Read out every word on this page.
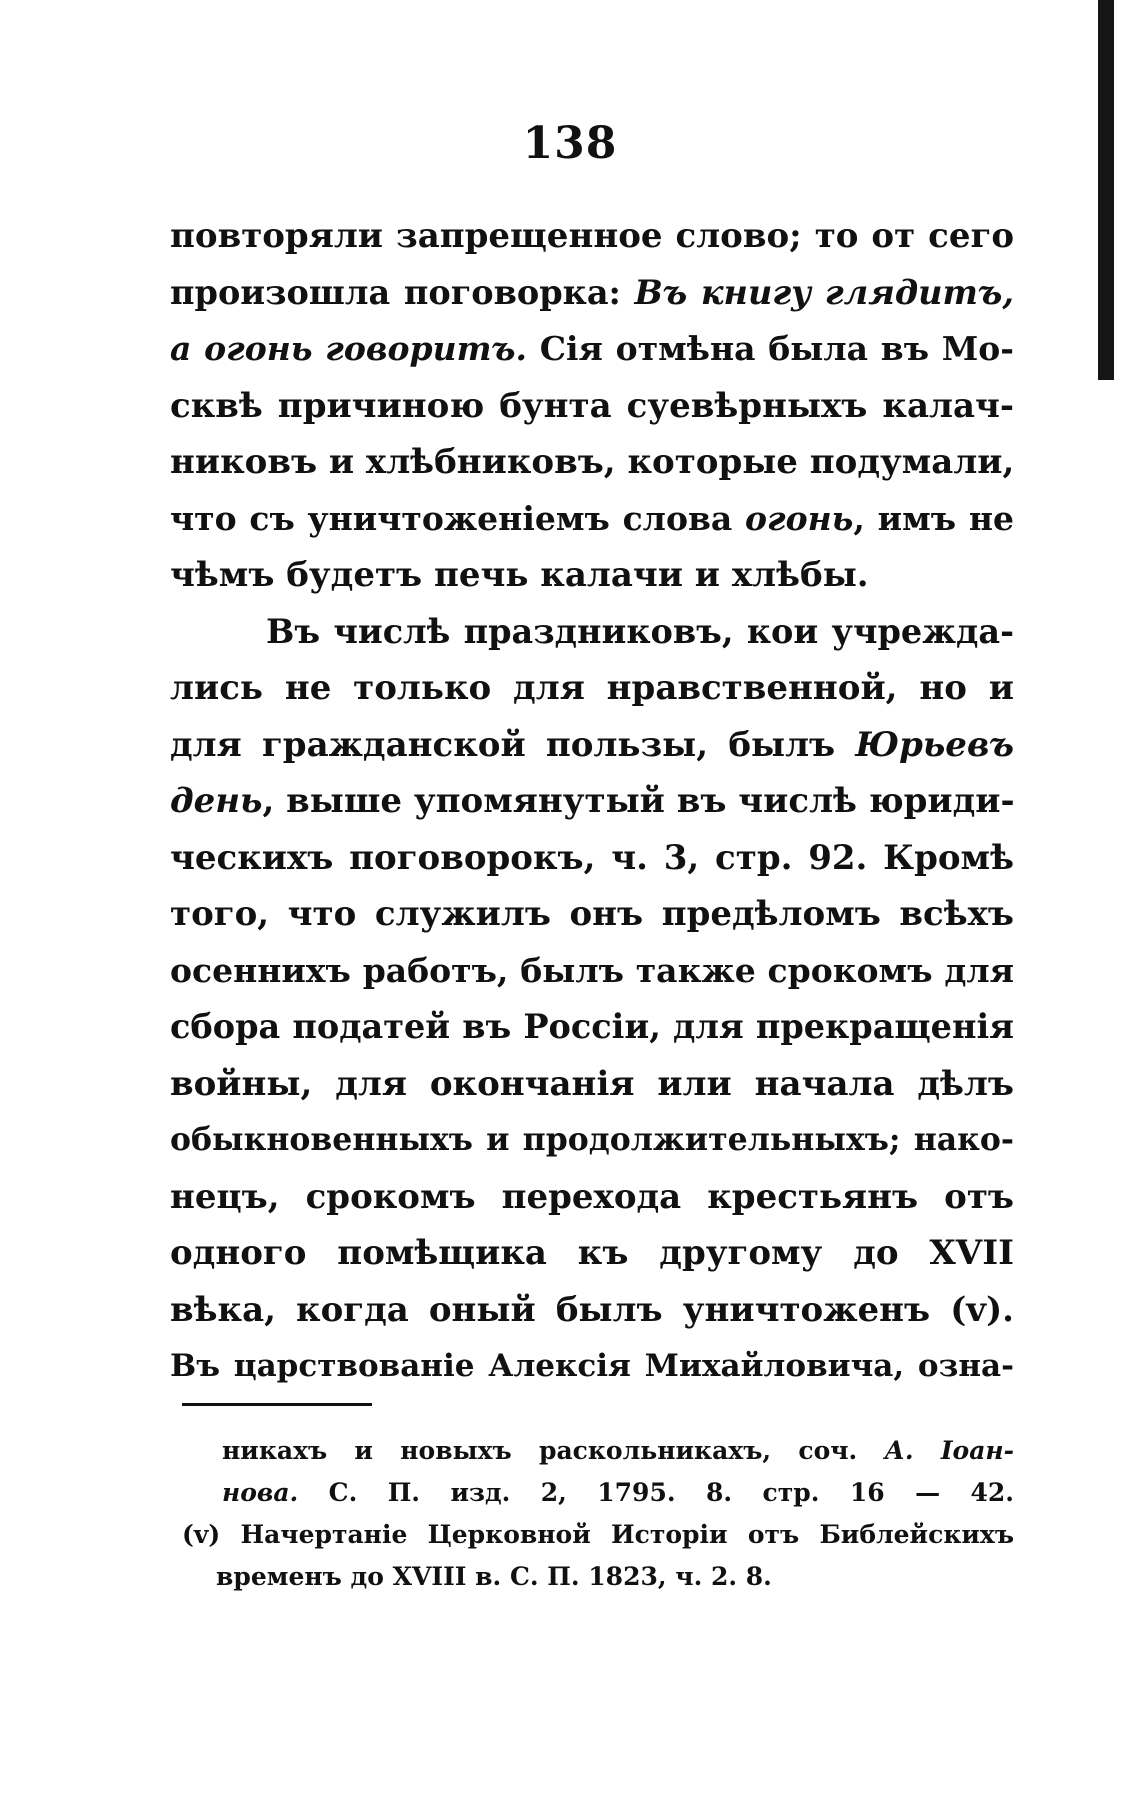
138
повторяли запрещенное слово; то от сего
произошла поговорка: Въ книгу глядитъ,
а огонь говоритъ. Сія отмѣна была въ Мо-
сквѣ причиною бунта суевѣрныхъ калач-
никовъ и хлѣбниковъ, которые подумали,
что съ уничтоженіемъ слова огонь, имъ не
чѣмъ будетъ печь калачи и хлѣбы.
Въ числѣ праздниковъ, кои учреждa-
лись не только для нравственной, но и
для гражданской пользы, былъ Юрьевъ
день, выше упомянутый въ числѣ юриди-
ческихъ поговорокъ, ч. 3, стр. 92. Кромѣ
того, что служилъ онъ предѣломъ всѣхъ
осеннихъ работъ, былъ также срокомъ для
сбора податей въ Россіи, для прекращенія
войны, для окончанія или начала дѣлъ
обыкновенныхъ и продолжительныхъ; нако-
нецъ, срокомъ перехода крестьянъ отъ
одного помѣщика къ другому до XVII
вѣка, когда оный былъ уничтоженъ (v).
Въ царствованіе Алексія Михайловича, озна-
никахъ и новыхъ раскольникахъ, соч. А. Іоан-
нова. С. П. изд. 2, 1795. 8. стр. 16 — 42.
(v) Начертаніе Церковной Исторіи отъ Библейскихъ
временъ до XVIII в. С. П. 1823, ч. 2. 8.
